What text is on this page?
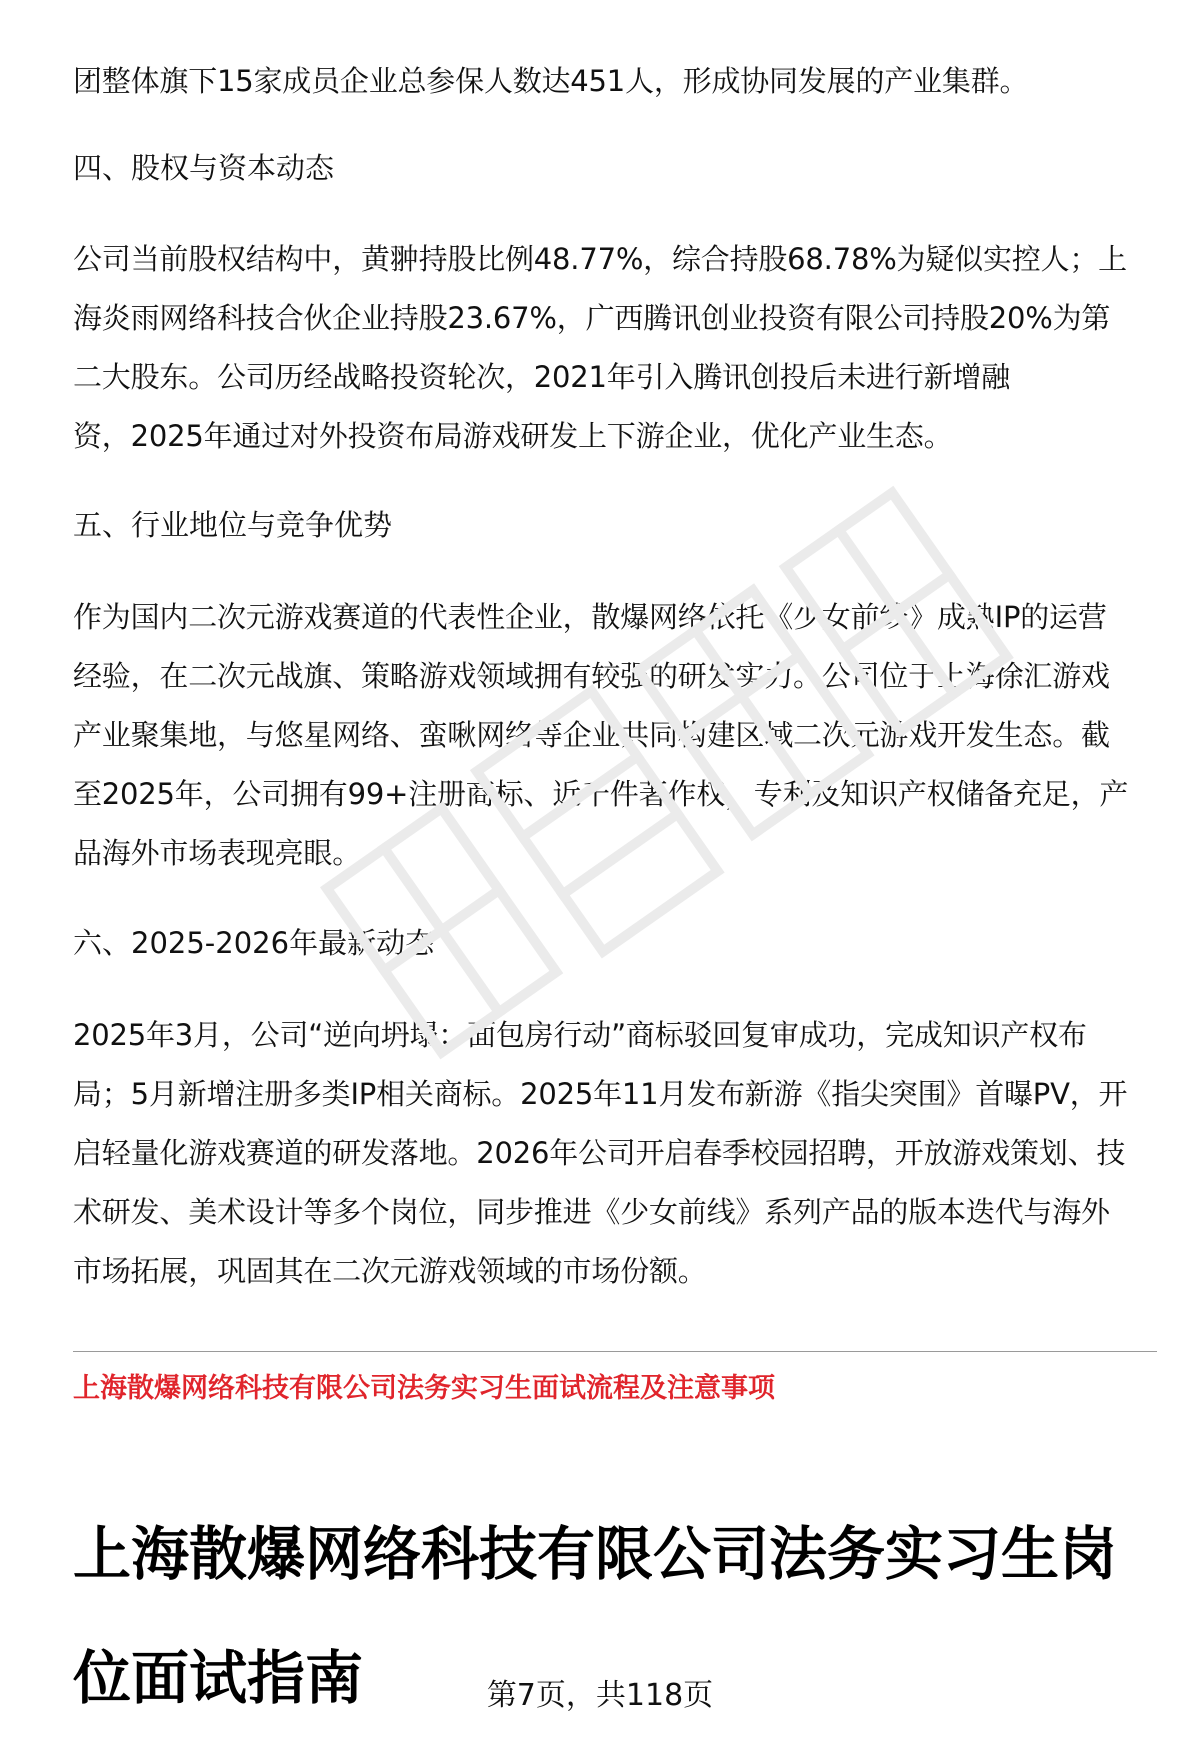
团整体旗下15家成员企业总参保人数达451人，形成协同发展的产业集群。

四、股权与资本动态

公司当前股权结构中，黄翀持股比例48.77%，综合持股68.78%为疑似实控人；上
海炎雨网络科技合伙企业持股23.67%，广西腾讯创业投资有限公司持股20%为第
二大股东。公司历经战略投资轮次，2021年引入腾讯创投后未进行新增融
资，2025年通过对外投资布局游戏研发上下游企业，优化产业生态。

五、行业地位与竞争优势

作为国内二次元游戏赛道的代表性企业，散爆网络依托《少女前线》成熟IP的运营
经验，在二次元战旗、策略游戏领域拥有较强的研发实力。公司位于上海徐汇游戏
产业聚集地，与悠星网络、蛮啾网络等企业共同构建区域二次元游戏开发生态。截
至2025年，公司拥有99+注册商标、近千件著作权，专利及知识产权储备充足，产
品海外市场表现亮眼。

六、2025-2026年最新动态

2025年3月，公司“逆向坍塌：面包房行动”商标驳回复审成功，完成知识产权布
局；5月新增注册多类IP相关商标。2025年11月发布新游《指尖突围》首曝PV，开
启轻量化游戏赛道的研发落地。2026年公司开启春季校园招聘，开放游戏策划、技
术研发、美术设计等多个岗位，同步推进《少女前线》系列产品的版本迭代与海外
市场拓展，巩固其在二次元游戏领域的市场份额。

上海散爆网络科技有限公司法务实习生面试流程及注意事项
上海散爆网络科技有限公司法务实习生岗
位面试指南	第7页，共118页
